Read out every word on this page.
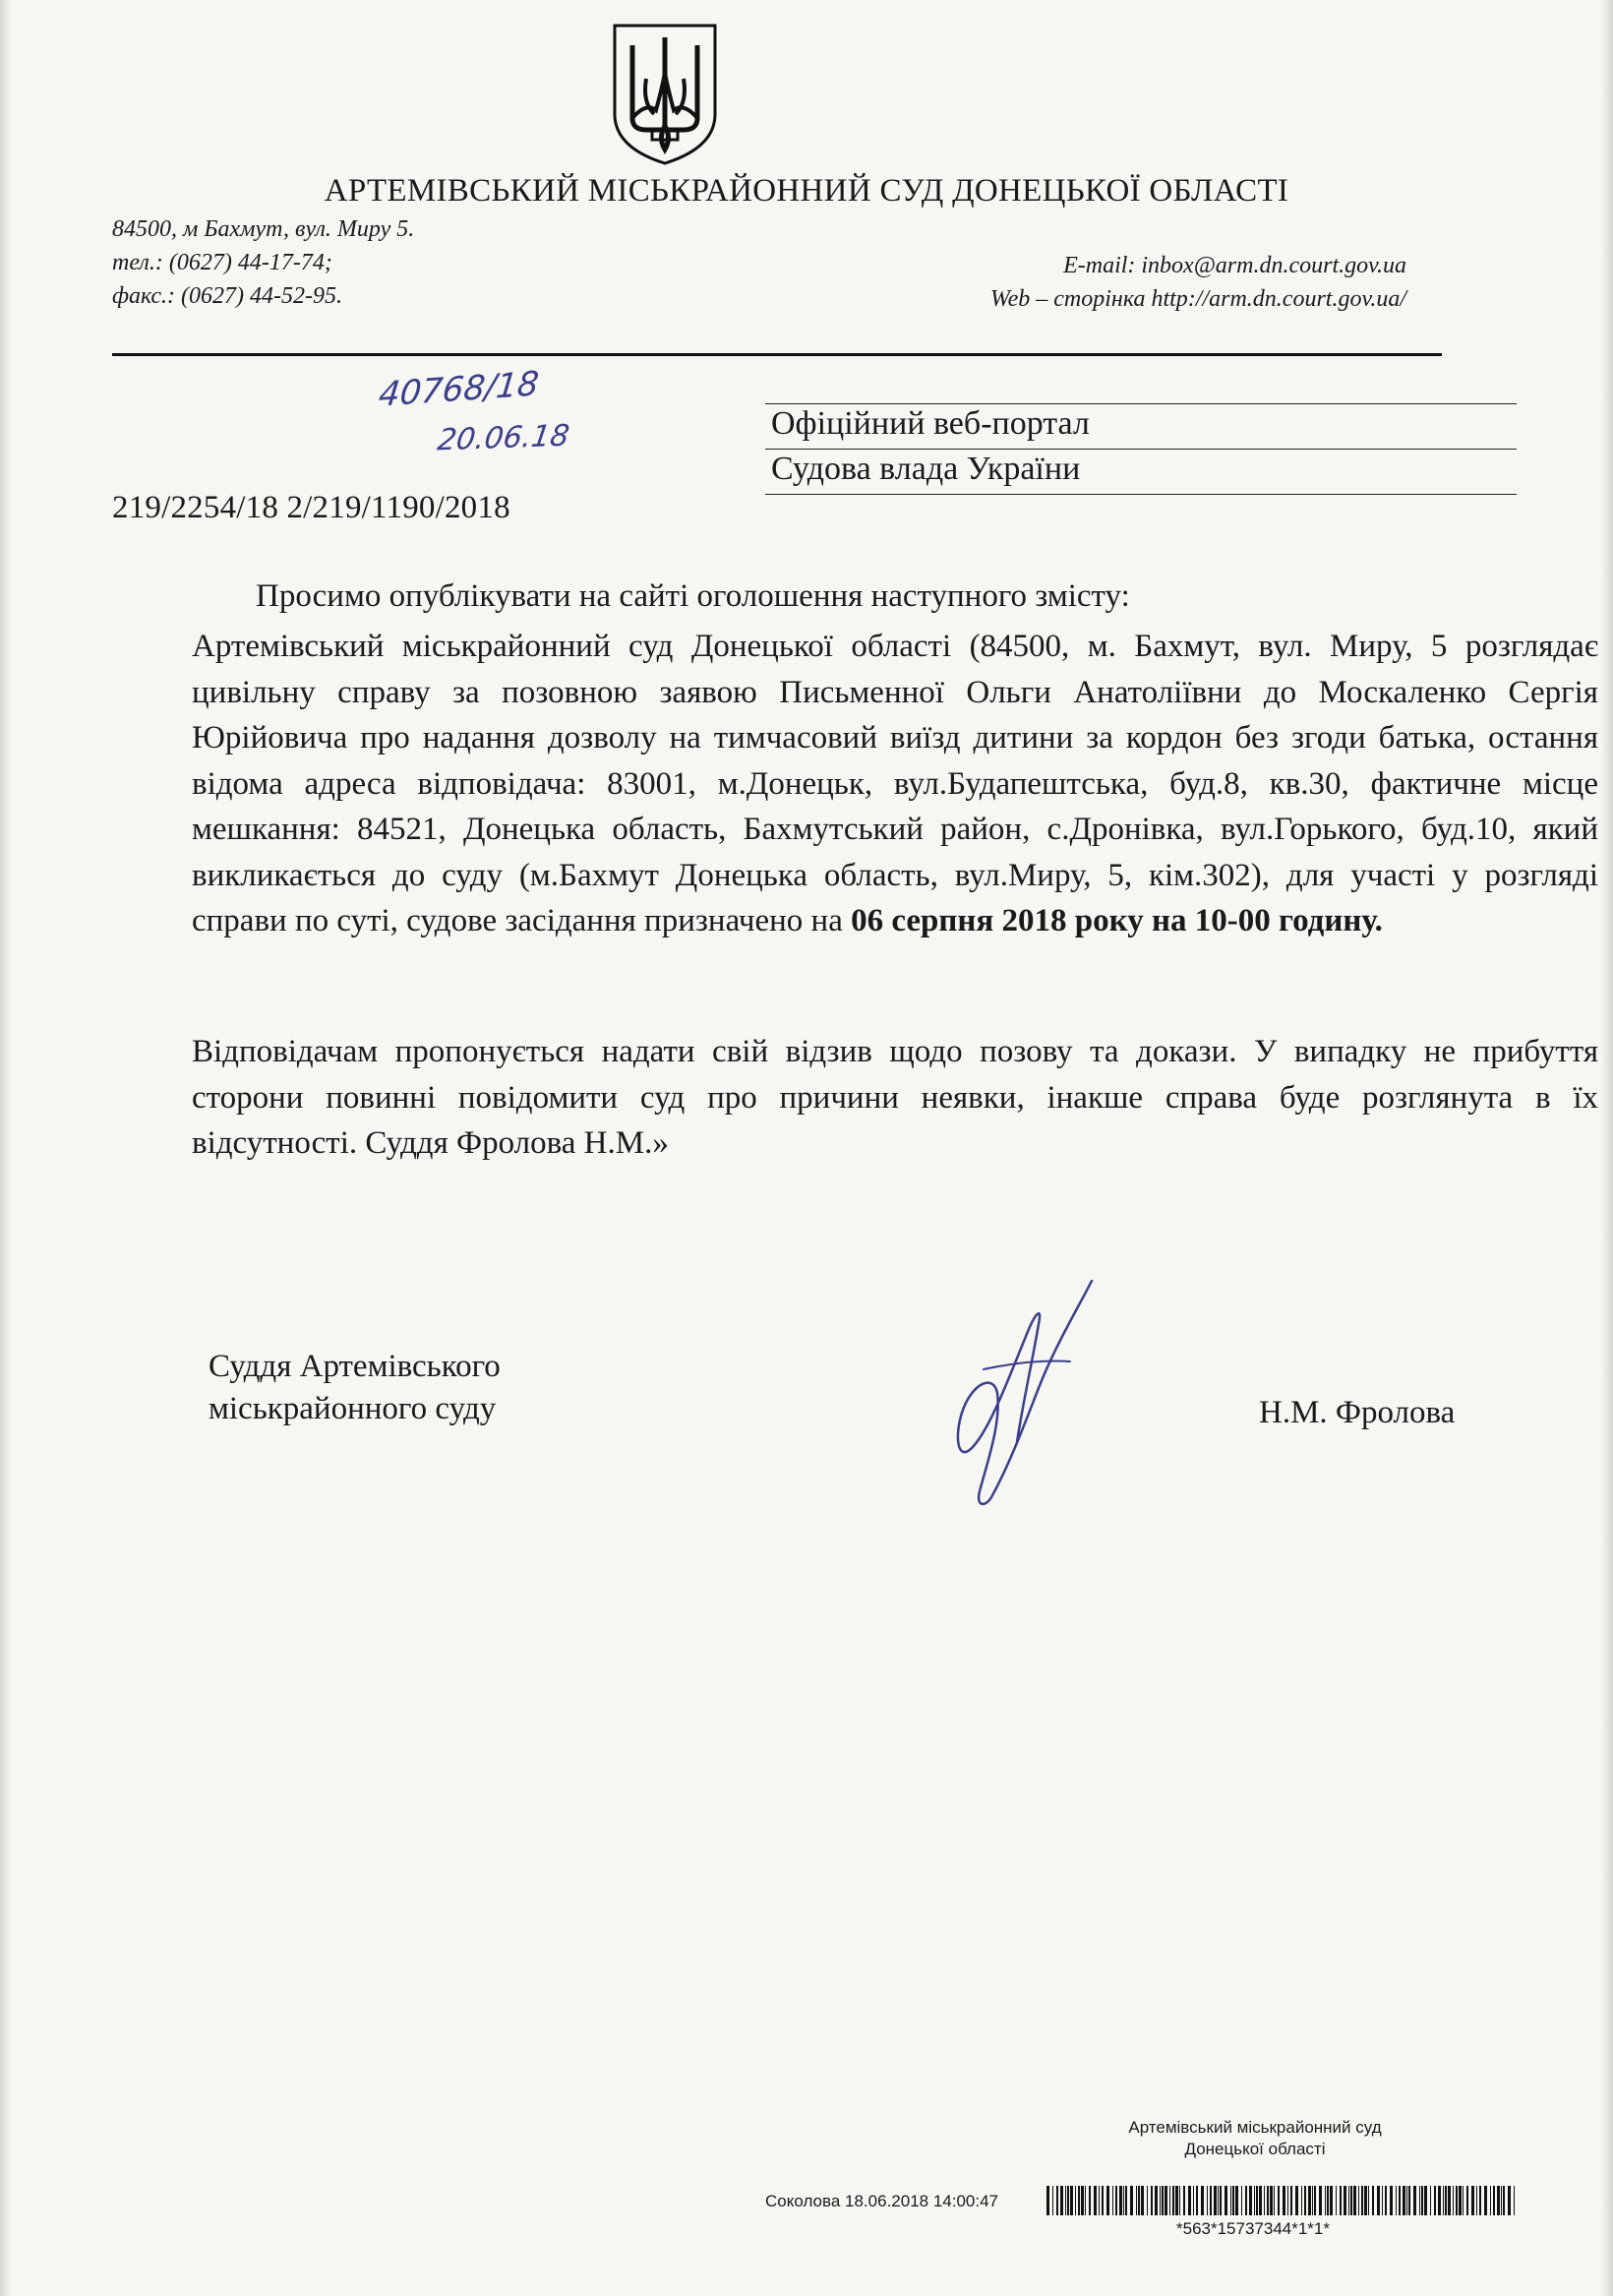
АРТЕМІВСЬКИЙ МІСЬКРАЙОННИЙ СУД ДОНЕЦЬКОЇ ОБЛАСТІ
84500, м Бахмут, вул. Миру 5.
тел.: (0627) 44-17-74;
факс.: (0627) 44-52-95.
E-mail: inbox@arm.dn.court.gov.ua
Web – сторінка http://arm.dn.court.gov.ua/
40768/18
20.06.18	Офіційний веб-портал
Судова влада України
219/2254/18 2/219/1190/2018
Просимо опублікувати на сайті оголошення наступного змісту:
Артемівський міськрайонний суд Донецької області (84500, м. Бахмут, вул. Миру, 5 розглядає цивільну справу за позовною заявою Письменної Ольги Анатоліївни до Москаленко Сергія Юрійовича про надання дозволу на тимчасовий виїзд дитини за кордон без згоди батька, остання відома адреса відповідача: 83001, м.Донецьк, вул.Будапештська, буд.8, кв.30, фактичне місце мешкання: 84521, Донецька область, Бахмутський район, с.Дронівка, вул.Горького, буд.10, який викликається до суду (м.Бахмут Донецька область, вул.Миру, 5, кім.302), для участі у розгляді справи по суті, судове засідання призначено на 06 серпня 2018 року на 10-00 годину.
Відповідачам пропонується надати свій відзив щодо позову та докази. У випадку не прибуття сторони повинні повідомити суд про причини неявки, інакше справа буде розглянута в їх відсутності. Суддя Фролова Н.М.»
Суддя Артемівського
міськрайонного суду	Н.М. Фролова
Артемівський міськрайонний суд
Донецької області
Соколова 18.06.2018 14:00:47
*563*15737344*1*1*
